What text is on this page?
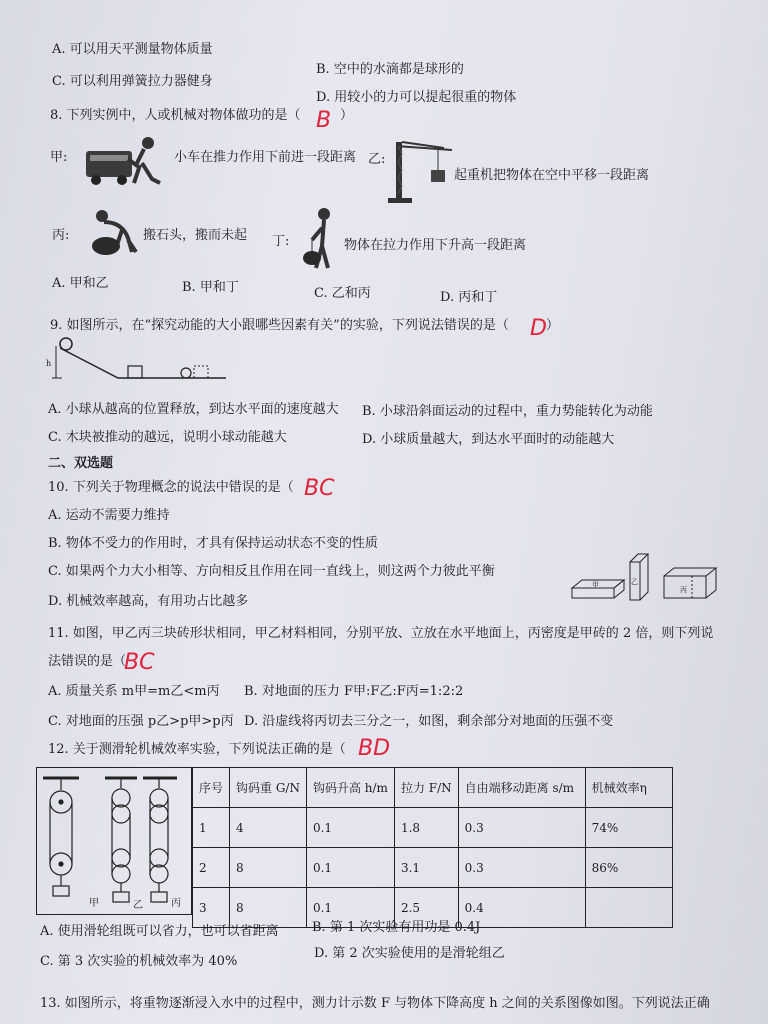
A. 可以用天平测量物体质量
B. 空中的水滴都是球形的
C. 可以利用弹簧拉力器健身
D. 用较小的力可以提起很重的物体
8. 下列实例中，人或机械对物体做功的是（ B ）
甲:	小车在推力作用下前进一段距离 乙:
起重机把物体在空中平移一段距离
丙:	搬石头，搬而未起 丁:	物体在拉力作用下升高一段距离
A. 甲和乙	B. 甲和丁	C. 乙和丙	D. 丙和丁
9. 如图所示，在“探究动能的大小跟哪些因素有关”的实验，下列说法错误的是（ D ）
h
A. 小球从越高的位置释放，到达水平面的速度越大 B. 小球沿斜面运动的过程中，重力势能转化为动能
C. 木块被推动的越远，说明小球动能越大	D. 小球质量越大，到达水平面时的动能越大
二、双选题
10. 下列关于物理概念的说法中错误的是（ BC
A. 运动不需要力维持
B. 物体不受力的作用时，才具有保持运动状态不变的性质
C. 如果两个力大小相等、方向相反且作用在同一直线上，则这两个力彼此平衡
D. 机械效率越高，有用功占比越多
甲	乙
丙
11. 如图，甲乙丙三块砖形状相同，甲乙材料相同，分别平放、立放在水平地面上，丙密度是甲砖的 2 倍，则下列说
法错误的是（
BC
A. 质量关系 m甲=m乙<m丙 B. 对地面的压力 F甲:F乙:F丙=1:2:2
C. 对地面的压强 p乙>p甲>p丙 D. 沿虚线将丙切去三分之一，如图，剩余部分对地面的压强不变
12. 关于测滑轮机械效率实验，下列说法正确的是（ BD
甲	乙	丙
序号	钩码重 G/N	钩码升高 h/m	拉力 F/N	自由端移动距离 s/m	机械效率η
1	4	0.1	1.8	0.3	74%
2	8	0.1	3.1	0.3	86%
3	8	0.1	2.5	0.4	
A. 使用滑轮组既可以省力，也可以省距离	B. 第 1 次实验有用功是 0.4J
C. 第 3 次实验的机械效率为 40%
D. 第 2 次实验使用的是滑轮组乙
13. 如图所示，将重物逐渐浸入水中的过程中，测力计示数 F 与物体下降高度 h 之间的关系图像如图。下列说法正确
